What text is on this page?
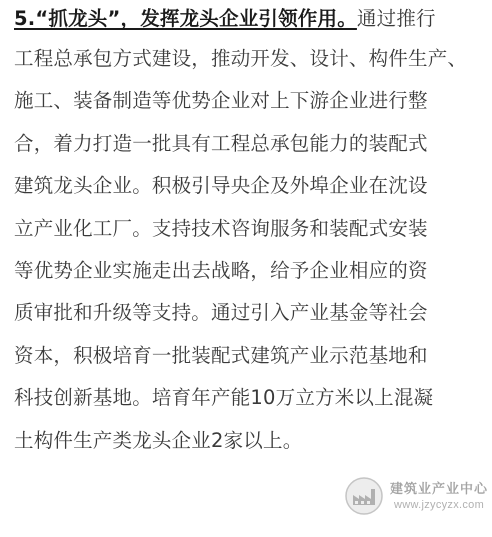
5.“抓龙头”，发挥龙头企业引领作用。通过推行
工程总承包方式建设，推动开发、设计、构件生产、
施工、装备制造等优势企业对上下游企业进行整
合，着力打造一批具有工程总承包能力的装配式
建筑龙头企业。积极引导央企及外埠企业在沈设
立产业化工厂。支持技术咨询服务和装配式安装
等优势企业实施走出去战略，给予企业相应的资
质审批和升级等支持。通过引入产业基金等社会
资本，积极培育一批装配式建筑产业示范基地和
科技创新基地。培育年产能10万立方米以上混凝
土构件生产类龙头企业2家以上。
建筑业产业中心
www.jzycyzx.com
